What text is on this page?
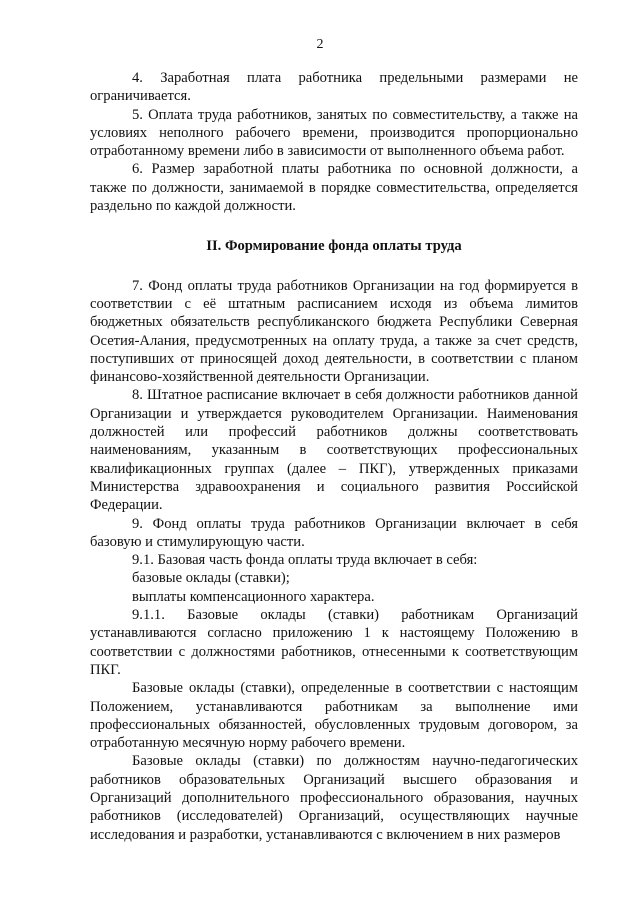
2

4. Заработная плата работника предельными размерами не ограничивается.

5. Оплата труда работников, занятых по совместительству, а также на условиях неполного рабочего времени, производится пропорционально отработанному времени либо в зависимости от выполненного объема работ.

6. Размер заработной платы работника по основной должности, а также по должности, занимаемой в порядке совместительства, определяется раздельно по каждой должности.

II. Формирование фонда оплаты труда

7. Фонд оплаты труда работников Организации на год формируется в соответствии с её штатным расписанием исходя из объема лимитов бюджетных обязательств республиканского бюджета Республики Северная Осетия-Алания, предусмотренных на оплату труда, а также за счет средств, поступивших от приносящей доход деятельности, в соответствии с планом финансово-хозяйственной деятельности Организации.

8. Штатное расписание включает в себя должности работников данной Организации и утверждается руководителем Организации. Наименования должностей или профессий работников должны соответствовать наименованиям, указанным в соответствующих профессиональных квалификационных группах (далее – ПКГ), утвержденных приказами Министерства здравоохранения и социального развития Российской Федерации.

9. Фонд оплаты труда работников Организации включает в себя базовую и стимулирующую части.

9.1. Базовая часть фонда оплаты труда включает в себя:

базовые оклады (ставки);

выплаты компенсационного характера.

9.1.1. Базовые оклады (ставки) работникам Организаций устанавливаются согласно приложению 1 к настоящему Положению в соответствии с должностями работников, отнесенными к соответствующим ПКГ.

Базовые оклады (ставки), определенные в соответствии с настоящим Положением, устанавливаются работникам за выполнение ими профессиональных обязанностей, обусловленных трудовым договором, за отработанную месячную норму рабочего времени.

Базовые оклады (ставки) по должностям научно-педагогических работников образовательных Организаций высшего образования и Организаций дополнительного профессионального образования, научных работников (исследователей) Организаций, осуществляющих научные исследования и разработки, устанавливаются с включением в них размеров
